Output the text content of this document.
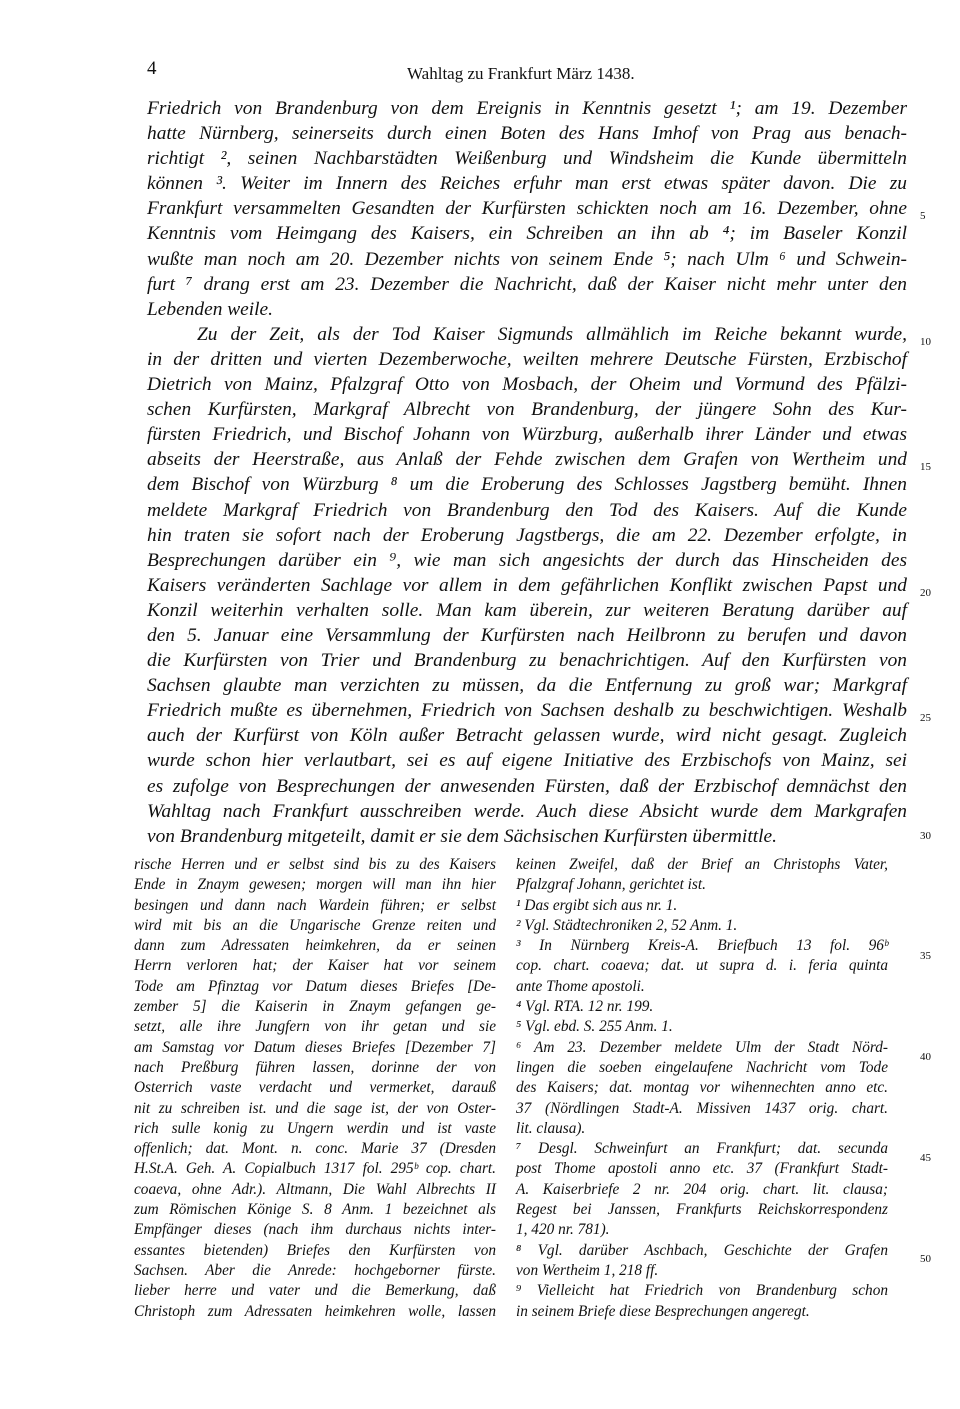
4	Wahltag zu Frankfurt März 1438.
Friedrich von Brandenburg von dem Ereignis in Kenntnis gesetzt ¹; am 19. Dezember
hatte Nürnberg, seinerseits durch einen Boten des Hans Imhof von Prag aus benach-
richtigt ², seinen Nachbarstädten Weißenburg und Windsheim die Kunde übermitteln
können ³. Weiter im Innern des Reiches erfuhr man erst etwas später davon. Die zu
Frankfurt versammelten Gesandten der Kurfürsten schickten noch am 16. Dezember, ohne
Kenntnis vom Heimgang des Kaisers, ein Schreiben an ihn ab ⁴; im Baseler Konzil
wußte man noch am 20. Dezember nichts von seinem Ende ⁵; nach Ulm ⁶ und Schwein-
furt ⁷ drang erst am 23. Dezember die Nachricht, daß der Kaiser nicht mehr unter den
Lebenden weile.
Zu der Zeit, als der Tod Kaiser Sigmunds allmählich im Reiche bekannt wurde,
in der dritten und vierten Dezemberwoche, weilten mehrere Deutsche Fürsten, Erzbischof
Dietrich von Mainz, Pfalzgraf Otto von Mosbach, der Oheim und Vormund des Pfälzi-
schen Kurfürsten, Markgraf Albrecht von Brandenburg, der jüngere Sohn des Kur-
fürsten Friedrich, und Bischof Johann von Würzburg, außerhalb ihrer Länder und etwas
abseits der Heerstraße, aus Anlaß der Fehde zwischen dem Grafen von Wertheim und
dem Bischof von Würzburg ⁸ um die Eroberung des Schlosses Jagstberg bemüht. Ihnen
meldete Markgraf Friedrich von Brandenburg den Tod des Kaisers. Auf die Kunde
hin traten sie sofort nach der Eroberung Jagstbergs, die am 22. Dezember erfolgte, in
Besprechungen darüber ein ⁹, wie man sich angesichts der durch das Hinscheiden des
Kaisers veränderten Sachlage vor allem in dem gefährlichen Konflikt zwischen Papst und
Konzil weiterhin verhalten solle. Man kam überein, zur weiteren Beratung darüber auf
den 5. Januar eine Versammlung der Kurfürsten nach Heilbronn zu berufen und davon
die Kurfürsten von Trier und Brandenburg zu benachrichtigen. Auf den Kurfürsten von
Sachsen glaubte man verzichten zu müssen, da die Entfernung zu groß war; Markgraf
Friedrich mußte es übernehmen, Friedrich von Sachsen deshalb zu beschwichtigen. Weshalb
auch der Kurfürst von Köln außer Betracht gelassen wurde, wird nicht gesagt. Zugleich
wurde schon hier verlautbart, sei es auf eigene Initiative des Erzbischofs von Mainz, sei
es zufolge von Besprechungen der anwesenden Fürsten, daß der Erzbischof demnächst den
Wahltag nach Frankfurt ausschreiben werde. Auch diese Absicht wurde dem Markgrafen
von Brandenburg mitgeteilt, damit er sie dem Sächsischen Kurfürsten übermittle.
5
10
15
20
25
30
rische Herren und er selbst sind bis zu des Kaisers
Ende in Znaym gewesen; morgen will man ihn hier
besingen und dann nach Wardein führen; er selbst
wird mit bis an die Ungarische Grenze reiten und
dann zum Adressaten heimkehren, da er seinen
Herrn verloren hat; der Kaiser hat vor seinem
Tode am Pfinztag vor Datum dieses Briefes [De-
zember 5] die Kaiserin in Znaym gefangen ge-
setzt, alle ihre Jungfern von ihr getan und sie
am Samstag vor Datum dieses Briefes [Dezember 7]
nach Preßburg führen lassen, dorinne der von
Osterrich vaste verdacht und vermerket, darauß
nit zu schreiben ist. und die sage ist, der von Oster-
rich sulle konig zu Ungern werdin und ist vaste
offenlich; dat. Mont. n. conc. Marie 37 (Dresden
H.St.A. Geh. A. Copialbuch 1317 fol. 295ᵇ cop. chart.
coaeva, ohne Adr.). Altmann, Die Wahl Albrechts II
zum Römischen Könige S. 8 Anm. 1 bezeichnet als
Empfänger dieses (nach ihm durchaus nichts inter-
essantes bietenden) Briefes den Kurfürsten von
Sachsen. Aber die Anrede: hochgeborner fürste.
lieber herre und vater und die Bemerkung, daß
Christoph zum Adressaten heimkehren wolle, lassen
keinen Zweifel, daß der Brief an Christophs Vater,
Pfalzgraf Johann, gerichtet ist.
¹ Das ergibt sich aus nr. 1.
² Vgl. Städtechroniken 2, 52 Anm. 1.
³ In Nürnberg Kreis-A. Briefbuch 13 fol. 96ᵇ
cop. chart. coaeva; dat. ut supra d. i. feria quinta
ante Thome apostoli.
⁴ Vgl. RTA. 12 nr. 199.
⁵ Vgl. ebd. S. 255 Anm. 1.
⁶ Am 23. Dezember meldete Ulm der Stadt Nörd-
lingen die soeben eingelaufene Nachricht vom Tode
des Kaisers; dat. montag vor wihennechten anno etc.
37 (Nördlingen Stadt-A. Missiven 1437 orig. chart.
lit. clausa).
⁷ Desgl. Schweinfurt an Frankfurt; dat. secunda
post Thome apostoli anno etc. 37 (Frankfurt Stadt-
A. Kaiserbriefe 2 nr. 204 orig. chart. lit. clausa;
Regest bei Janssen, Frankfurts Reichskorrespondenz
1, 420 nr. 781).
⁸ Vgl. darüber Aschbach, Geschichte der Grafen
von Wertheim 1, 218 ff.
⁹ Vielleicht hat Friedrich von Brandenburg schon
in seinem Briefe diese Besprechungen angeregt.
35
40
45
50
